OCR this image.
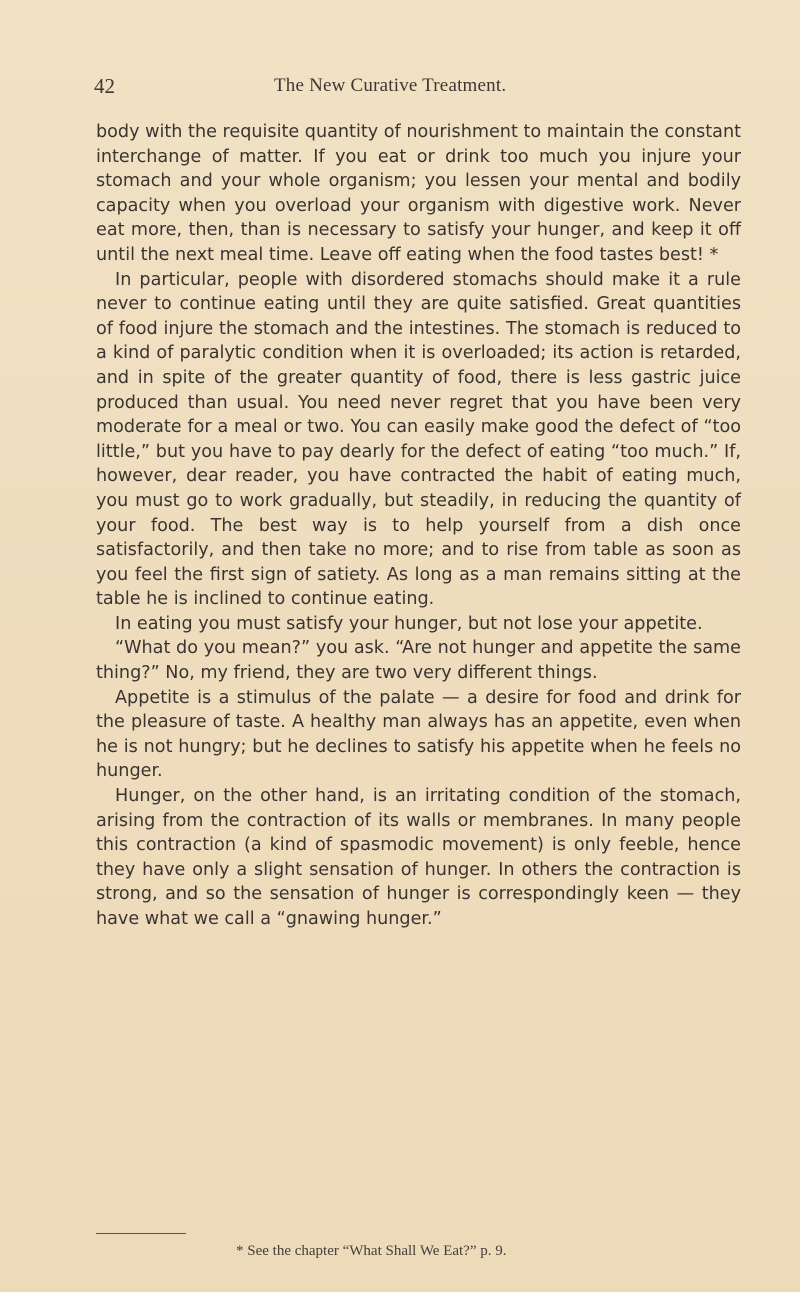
42	The New Curative Treatment.

body with the requisite quantity of nourishment to maintain the constant interchange of matter. If you eat or drink too much you injure your stomach and your whole organism; you lessen your mental and bodily capacity when you overload your organism with digestive work. Never eat more, then, than is necessary to satisfy your hunger, and keep it off until the next meal time. Leave off eating when the food tastes best! *

In particular, people with disordered stomachs should make it a rule never to continue eating until they are quite satisfied. Great quantities of food injure the stomach and the intestines. The stomach is reduced to a kind of paralytic condition when it is overloaded; its action is retarded, and in spite of the greater quantity of food, there is less gastric juice produced than usual. You need never regret that you have been very moderate for a meal or two. You can easily make good the defect of “too little,” but you have to pay dearly for the defect of eating “too much.” If, however, dear reader, you have contracted the habit of eating much, you must go to work gradually, but steadily, in reducing the quantity of your food. The best way is to help yourself from a dish once satisfactorily, and then take no more; and to rise from table as soon as you feel the first sign of satiety. As long as a man remains sitting at the table he is inclined to continue eating.

In eating you must satisfy your hunger, but not lose your appetite.

“What do you mean?” you ask. “Are not hunger and appetite the same thing?” No, my friend, they are two very different things.

Appetite is a stimulus of the palate — a desire for food and drink for the pleasure of taste. A healthy man always has an appetite, even when he is not hungry; but he declines to satisfy his appetite when he feels no hunger.

Hunger, on the other hand, is an irritating condition of the stomach, arising from the contraction of its walls or membranes. In many people this contraction (a kind of spasmodic movement) is only feeble, hence they have only a slight sensation of hunger. In others the contraction is strong, and so the sensation of hunger is correspondingly keen — they have what we call a “gnawing hunger.”

* See the chapter “What Shall We Eat?” p. 9.
